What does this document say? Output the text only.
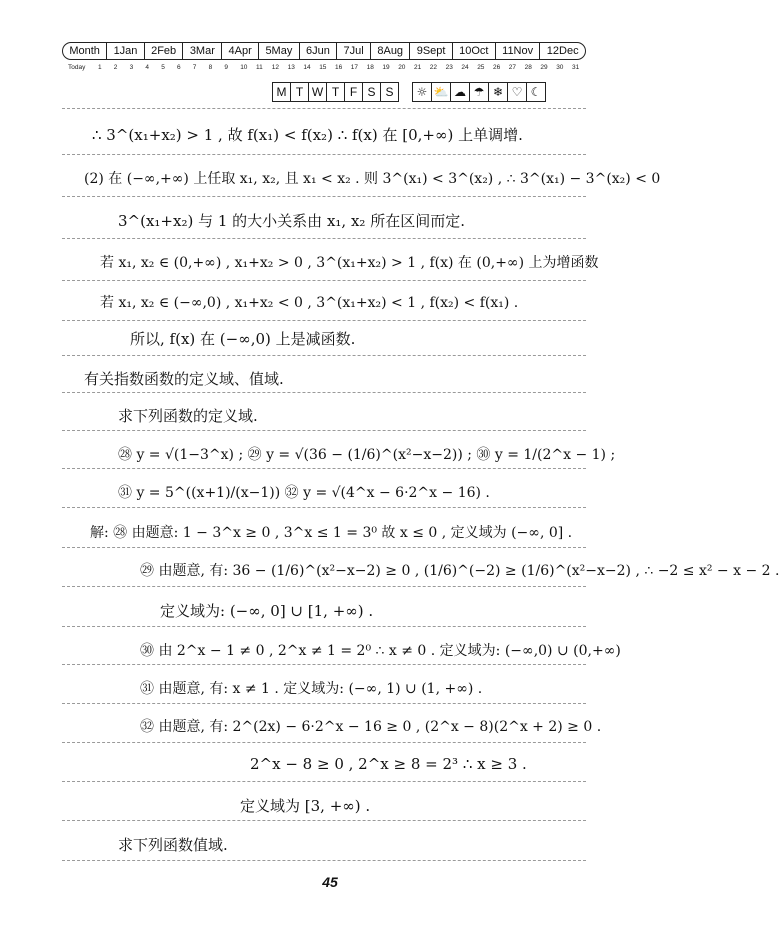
Month	1Jan	2Feb	3Mar	4Apr	5May	6Jun	7Jul	8Aug	9Sept	10Oct	11Nov	12Dec
Today 1 2 3 4 5 6 7 8 9 10 11 12 13 14 15 16 17 18 19 20 21 22 23 24 25 26 27 28 29 30 31
M T W T F S S	☼ ⛅ ☁ ☂ ❄ ♡ ☾
∴ 3^(x₁+x₂) > 1 , 故 f(x₁) < f(x₂) ∴ f(x) 在 [0,+∞) 上单调增.
(2) 在 (−∞,+∞) 上任取 x₁, x₂, 且 x₁ < x₂ . 则 3^(x₁) < 3^(x₂) , ∴ 3^(x₁) − 3^(x₂) < 0
3^(x₁+x₂) 与 1 的大小关系由 x₁, x₂ 所在区间而定.
若 x₁, x₂ ∈ (0,+∞) , x₁+x₂ > 0 , 3^(x₁+x₂) > 1 , f(x) 在 (0,+∞) 上为增函数
若 x₁, x₂ ∈ (−∞,0) , x₁+x₂ < 0 , 3^(x₁+x₂) < 1 , f(x₂) < f(x₁) .
所以, f(x) 在 (−∞,0) 上是减函数.
有关指数函数的定义域、值域.
求下列函数的定义域.
㉘ y = √(1−3^x) ; ㉙ y = √(36 − (1/6)^(x²−x−2)) ; ㉚ y = 1/(2^x − 1) ;
㉛ y = 5^((x+1)/(x−1)) ㉜ y = √(4^x − 6·2^x − 16) .
解: ㉘ 由题意: 1 − 3^x ≥ 0 , 3^x ≤ 1 = 3⁰ 故 x ≤ 0 , 定义域为 (−∞, 0] .
㉙ 由题意, 有: 36 − (1/6)^(x²−x−2) ≥ 0 , (1/6)^(−2) ≥ (1/6)^(x²−x−2) , ∴ −2 ≤ x² − x − 2 .
定义域为: (−∞, 0] ∪ [1, +∞) .
㉚ 由 2^x − 1 ≠ 0 , 2^x ≠ 1 = 2⁰ ∴ x ≠ 0 . 定义域为: (−∞,0) ∪ (0,+∞)
㉛ 由题意, 有: x ≠ 1 . 定义域为: (−∞, 1) ∪ (1, +∞) .
㉜ 由题意, 有: 2^(2x) − 6·2^x − 16 ≥ 0 , (2^x − 8)(2^x + 2) ≥ 0 .
2^x − 8 ≥ 0 , 2^x ≥ 8 = 2³ ∴ x ≥ 3 .
定义域为 [3, +∞) .
求下列函数值域.
45
